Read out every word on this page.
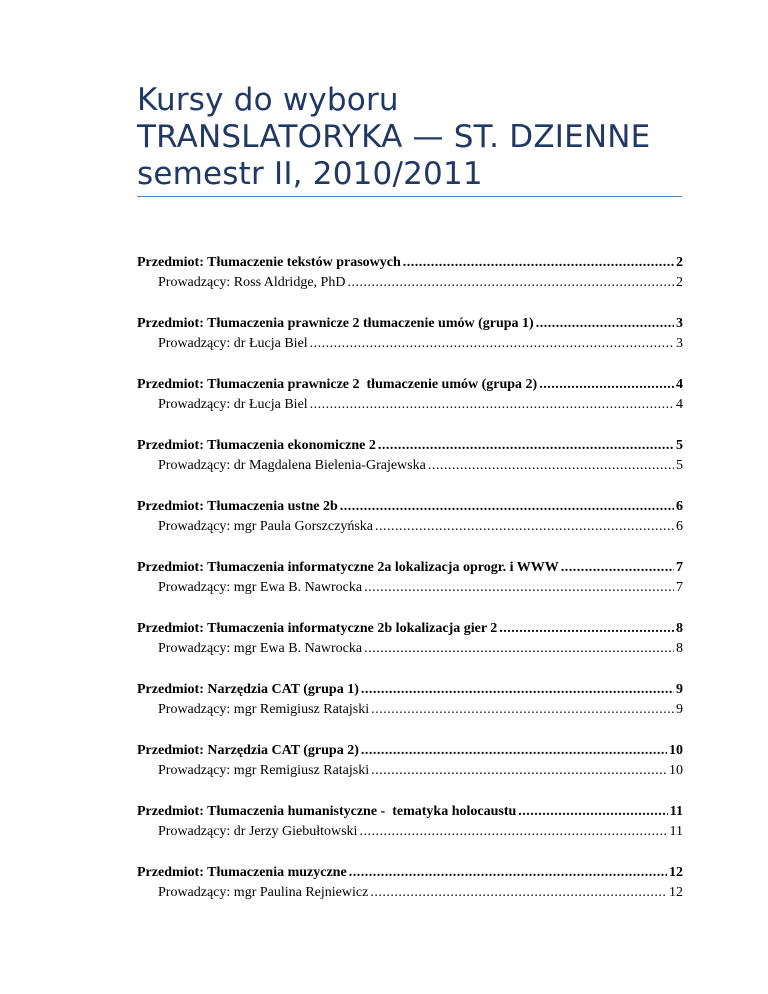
Kursy do wyboru
TRANSLATORYKA — ST. DZIENNE
semestr II, 2010/2011
Przedmiot: Tłumaczenie tekstów prasowych .....	2
Prowadzący: Ross Aldridge, PhD .....	2
Przedmiot: Tłumaczenia prawnicze 2 tłumaczenie umów (grupa 1) .....	3
Prowadzący: dr Łucja Biel .....	3
Przedmiot: Tłumaczenia prawnicze 2  tłumaczenie umów (grupa 2) .....	4
Prowadzący: dr Łucja Biel .....	4
Przedmiot: Tłumaczenia ekonomiczne 2 .....	5
Prowadzący: dr Magdalena Bielenia-Grajewska .....	5
Przedmiot: Tłumaczenia ustne 2b .....	6
Prowadzący: mgr Paula Gorszczyńska .....	6
Przedmiot: Tłumaczenia informatyczne 2a lokalizacja oprogr. i WWW .....	7
Prowadzący: mgr Ewa B. Nawrocka .....	7
Przedmiot: Tłumaczenia informatyczne 2b lokalizacja gier 2 .....	8
Prowadzący: mgr Ewa B. Nawrocka .....	8
Przedmiot: Narzędzia CAT (grupa 1) .....	9
Prowadzący: mgr Remigiusz Ratajski .....	9
Przedmiot: Narzędzia CAT (grupa 2) .....	10
Prowadzący: mgr Remigiusz Ratajski .....	10
Przedmiot: Tłumaczenia humanistyczne -  tematyka holocaustu .....	11
Prowadzący: dr Jerzy Giebułtowski .....	11
Przedmiot: Tłumaczenia muzyczne .....	12
Prowadzący: mgr Paulina Rejniewicz .....	12
